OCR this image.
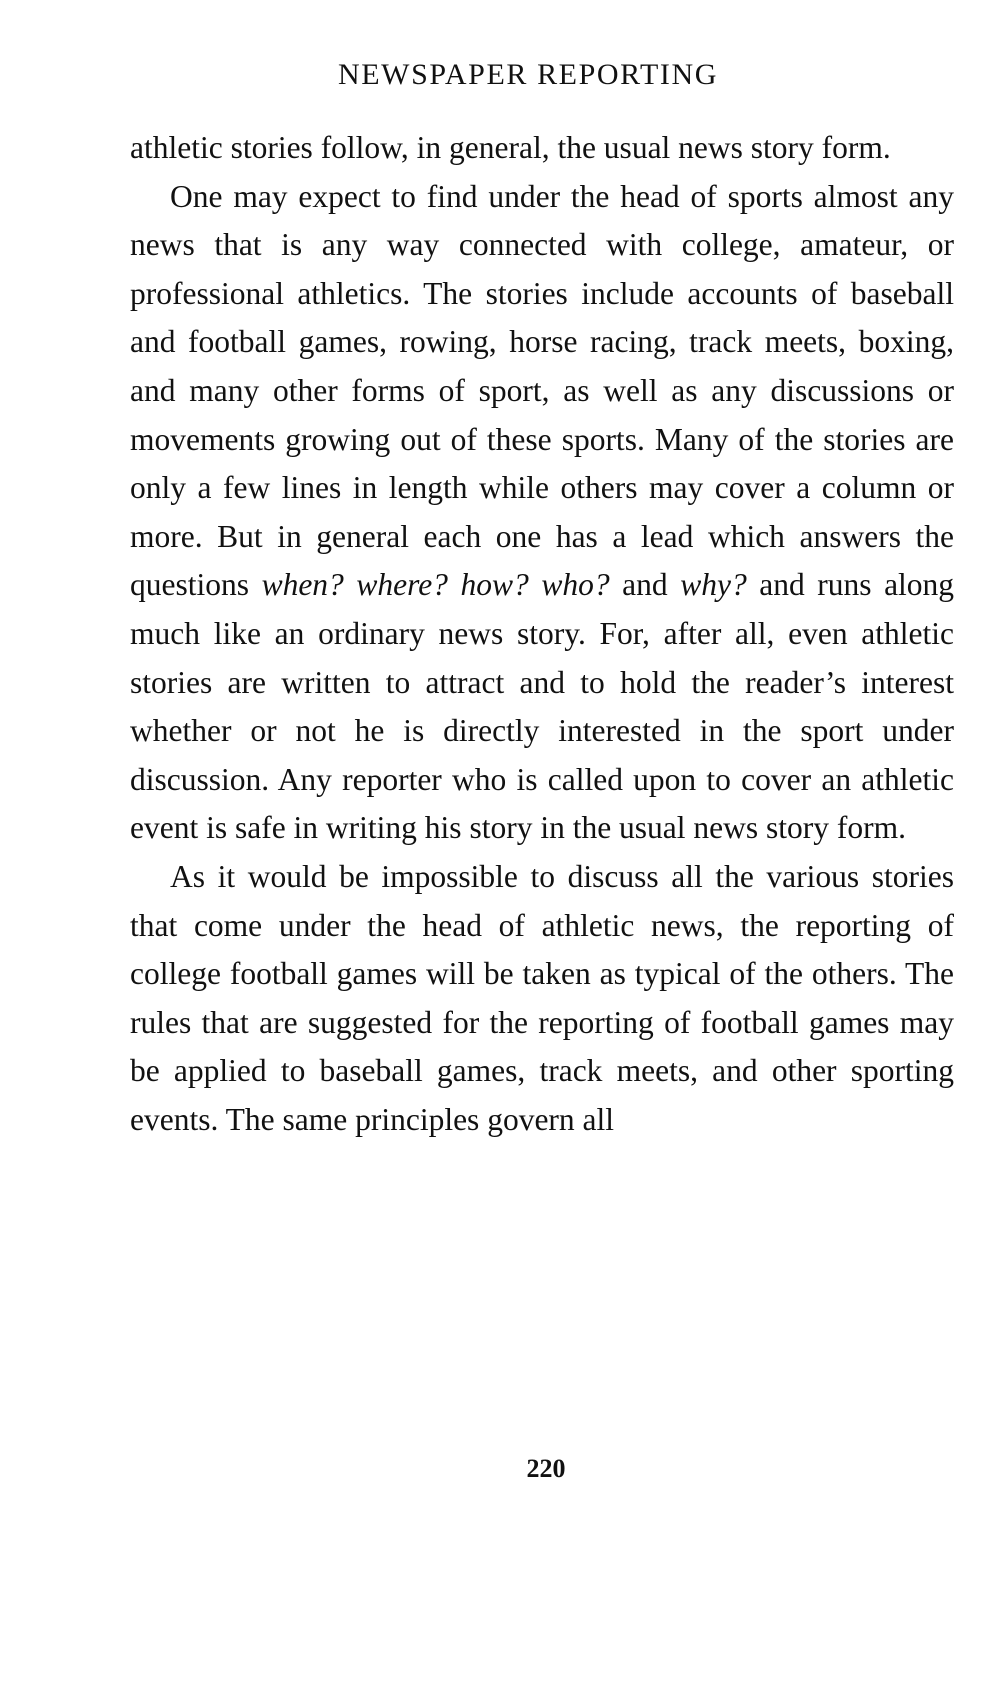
NEWSPAPER REPORTING

athletic stories follow, in general, the usual news story form.

One may expect to find under the head of sports almost any news that is any way connected with college, amateur, or professional athletics. The stories include accounts of baseball and football games, rowing, horse racing, track meets, boxing, and many other forms of sport, as well as any discussions or movements growing out of these sports. Many of the stories are only a few lines in length while others may cover a column or more. But in general each one has a lead which answers the questions when? where? how? who? and why? and runs along much like an ordinary news story. For, after all, even athletic stories are written to attract and to hold the reader’s interest whether or not he is directly interested in the sport under discussion. Any reporter who is called upon to cover an athletic event is safe in writing his story in the usual news story form.

As it would be impossible to discuss all the various stories that come under the head of athletic news, the reporting of college football games will be taken as typical of the others. The rules that are suggested for the reporting of football games may be applied to baseball games, track meets, and other sporting events. The same principles govern all

220
